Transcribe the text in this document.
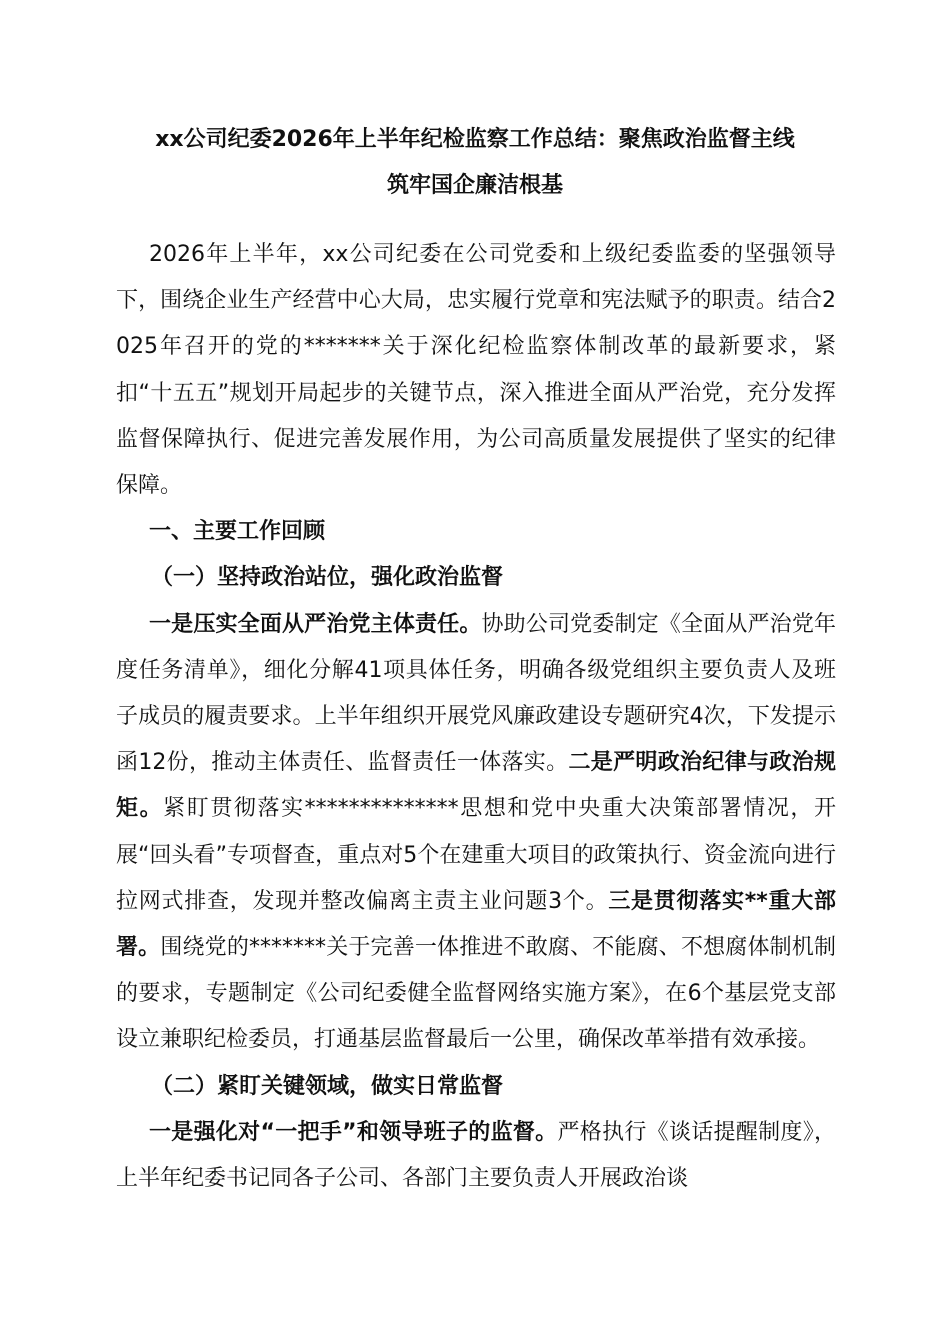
xx公司纪委2026年上半年纪检监察工作总结：聚焦政治监督主线
筑牢国企廉洁根基

2026年上半年，xx公司纪委在公司党委和上级纪委监委的坚强领导下，围绕企业生产经营中心大局，忠实履行党章和宪法赋予的职责。结合2025年召开的党的*******关于深化纪检监察体制改革的最新要求，紧扣“十五五”规划开局起步的关键节点，深入推进全面从严治党，充分发挥监督保障执行、促进完善发展作用，为公司高质量发展提供了坚实的纪律保障。

一、主要工作回顾

（一）坚持政治站位，强化政治监督

一是压实全面从严治党主体责任。协助公司党委制定《全面从严治党年度任务清单》，细化分解41项具体任务，明确各级党组织主要负责人及班子成员的履责要求。上半年组织开展党风廉政建设专题研究4次，下发提示函12份，推动主体责任、监督责任一体落实。二是严明政治纪律与政治规矩。紧盯贯彻落实**************思想和党中央重大决策部署情况，开展“回头看”专项督查，重点对5个在建重大项目的政策执行、资金流向进行拉网式排查，发现并整改偏离主责主业问题3个。三是贯彻落实**重大部署。围绕党的*******关于完善一体推进不敢腐、不能腐、不想腐体制机制的要求，专题制定《公司纪委健全监督网络实施方案》，在6个基层党支部设立兼职纪检委员，打通基层监督最后一公里，确保改革举措有效承接。

（二）紧盯关键领域，做实日常监督

一是强化对“一把手”和领导班子的监督。严格执行《谈话提醒制度》，上半年纪委书记同各子公司、各部门主要负责人开展政治谈
